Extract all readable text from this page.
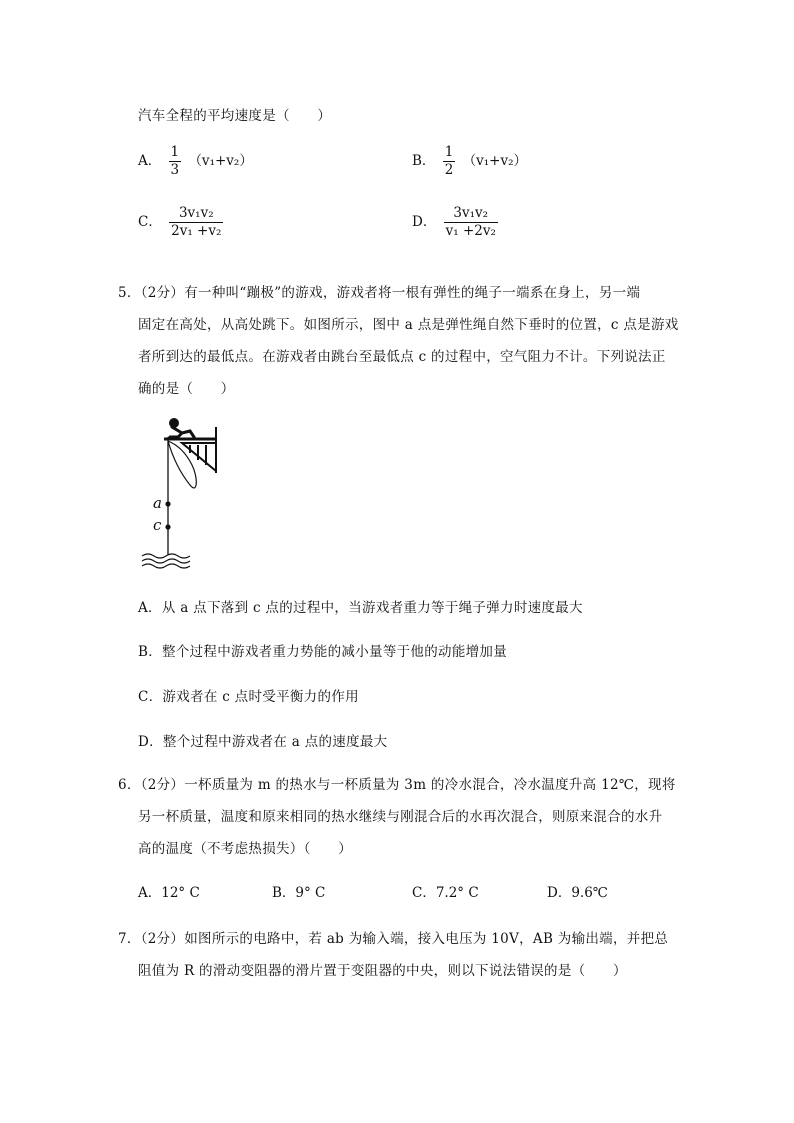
汽车全程的平均速度是（　　）
A． $\frac{1}{3} (v_1+v_2)$	B． $\frac{1}{2} (v_1+v_2)$
C． $\frac{\text{3v₁v₂}}{\text{2v₁ +v₂}}$	D． $\frac{\text{3v₁v₂}}{\text{v₁ +2v₂}}$
5．（2分）有一种叫“蹦极”的游戏，游戏者将一根有弹性的绳子一端系在身上，另一端
固定在高处，从高处跳下。如图所示，图中 a 点是弹性绳自然下垂时的位置，c 点是游戏
者所到达的最低点。在游戏者由跳台至最低点 c 的过程中，空气阻力不计。下列说法正
确的是（　　）
a
c
A．从 a 点下落到 c 点的过程中，当游戏者重力等于绳子弹力时速度最大
B．整个过程中游戏者重力势能的减小量等于他的动能增加量
C．游戏者在 c 点时受平衡力的作用
D．整个过程中游戏者在 a 点的速度最大
6．（2分）一杯质量为 m 的热水与一杯质量为 3m 的冷水混合，冷水温度升高 12℃，现将
另一杯质量，温度和原来相同的热水继续与刚混合后的水再次混合，则原来混合的水升
高的温度（不考虑热损失）（　　）
A．12° C	B．9° C	C．7.2° C	D．9.6℃
7．（2分）如图所示的电路中，若 ab 为输入端，接入电压为 10V，AB 为输出端，并把总
阻值为 R 的滑动变阻器的滑片置于变阻器的中央，则以下说法错误的是（　　）
